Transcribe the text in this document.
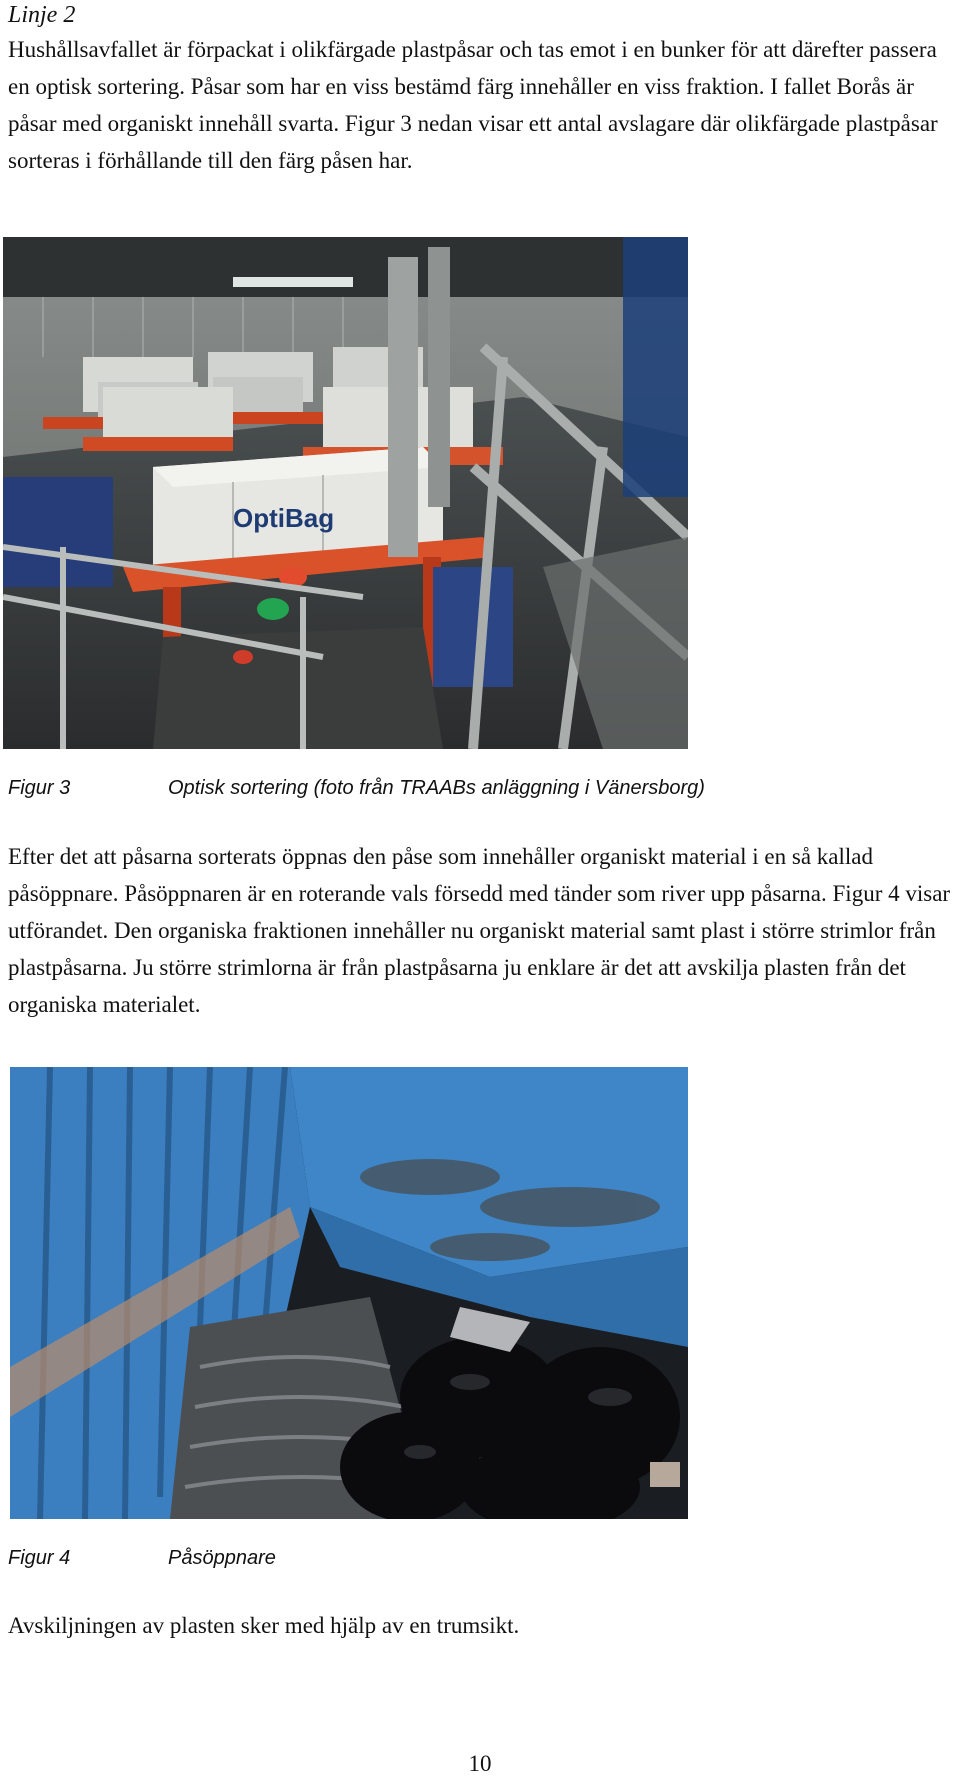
Linje 2

Hushållsavfallet är förpackat i olikfärgade plastpåsar och tas emot i en bunker för att därefter passera en optisk sortering. Påsar som har en viss bestämd färg innehåller en viss fraktion. I fallet Borås är påsar med organiskt innehåll svarta. Figur 3 nedan visar ett antal avslagare där olikfärgade plastpåsar sorteras i förhållande till den färg påsen har.

OptiBag
Figur 3	Optisk sortering (foto från TRAABs anläggning i Vänersborg)

Efter det att påsarna sorterats öppnas den påse som innehåller organiskt material i en så kallad påsöppnare. Påsöppnaren är en roterande vals försedd med tänder som river upp påsarna. Figur 4 visar utförandet. Den organiska fraktionen innehåller nu organiskt material samt plast i större strimlor från plastpåsarna. Ju större strimlorna är från plastpåsarna ju enklare är det att avskilja plasten från det organiska materialet.

Figur 4	Påsöppnare

Avskiljningen av plasten sker med hjälp av en trumsikt.

10
